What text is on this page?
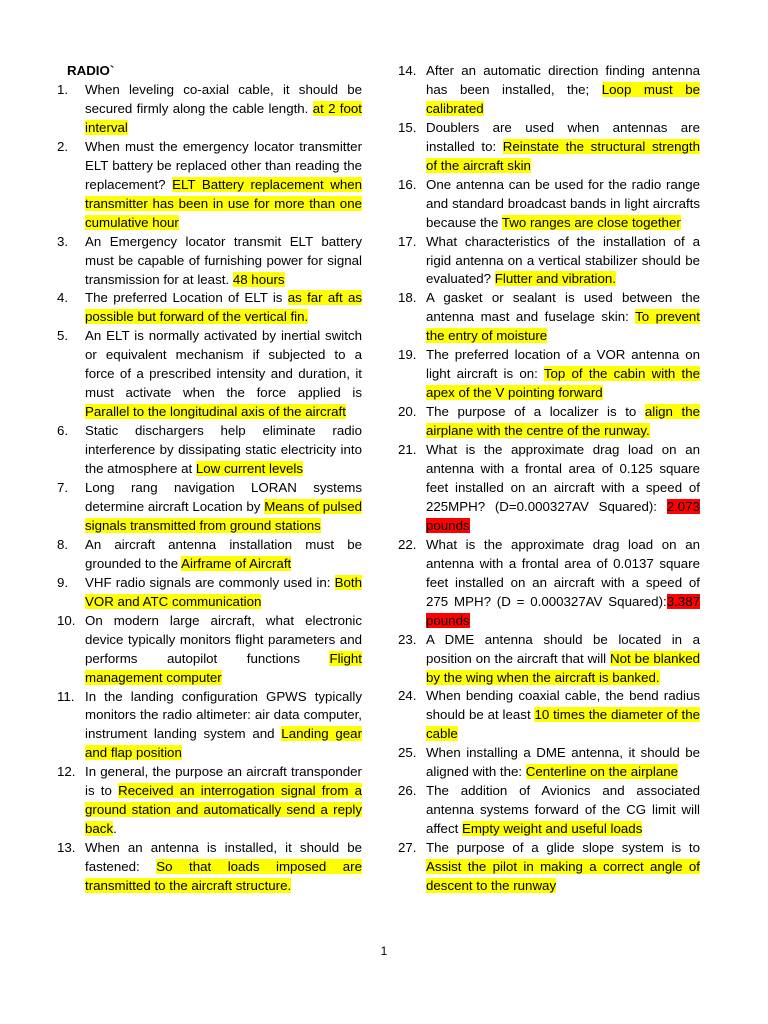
RADIO`

1. When leveling co-axial cable, it should be secured firmly along the cable length. at 2 foot interval
2. When must the emergency locator transmitter ELT battery be replaced other than reading the replacement? ELT Battery replacement when transmitter has been in use for more than one cumulative hour
3. An Emergency locator transmit ELT battery must be capable of furnishing power for signal transmission for at least. 48 hours
4. The preferred Location of ELT is as far aft as possible but forward of the vertical fin.
5. An ELT is normally activated by inertial switch or equivalent mechanism if subjected to a force of a prescribed intensity and duration, it must activate when the force applied is Parallel to the longitudinal axis of the aircraft
6. Static dischargers help eliminate radio interference by dissipating static electricity into the atmosphere at Low current levels
7. Long rang navigation LORAN systems determine aircraft Location by Means of pulsed signals transmitted from ground stations
8. An aircraft antenna installation must be grounded to the Airframe of Aircraft
9. VHF radio signals are commonly used in: Both VOR and ATC communication
10. On modern large aircraft, what electronic device typically monitors flight parameters and performs autopilot functions Flight management computer
11. In the landing configuration GPWS typically monitors the radio altimeter: air data computer, instrument landing system and Landing gear and flap position
12. In general, the purpose an aircraft transponder is to Received an interrogation signal from a ground station and automatically send a reply back.
13. When an antenna is installed, it should be fastened: So that loads imposed are transmitted to the aircraft structure.
14. After an automatic direction finding antenna has been installed, the; Loop must be calibrated
15. Doublers are used when antennas are installed to: Reinstate the structural strength of the aircraft skin
16. One antenna can be used for the radio range and standard broadcast bands in light aircrafts because the Two ranges are close together
17. What characteristics of the installation of a rigid antenna on a vertical stabilizer should be evaluated? Flutter and vibration.
18. A gasket or sealant is used between the antenna mast and fuselage skin: To prevent the entry of moisture
19. The preferred location of a VOR antenna on light aircraft is on: Top of the cabin with the apex of the V pointing forward
20. The purpose of a localizer is to align the airplane with the centre of the runway.
21. What is the approximate drag load on an antenna with a frontal area of 0.125 square feet installed on an aircraft with a speed of 225MPH? (D=0.000327AV Squared): 2.073 pounds
22. What is the approximate drag load on an antenna with a frontal area of 0.0137 square feet installed on an aircraft with a speed of 275 MPH? (D = 0.000327AV Squared):3.387 pounds
23. A DME antenna should be located in a position on the aircraft that will Not be blanked by the wing when the aircraft is banked.
24. When bending coaxial cable, the bend radius should be at least 10 times the diameter of the cable
25. When installing a DME antenna, it should be aligned with the: Centerline on the airplane
26. The addition of Avionics and associated antenna systems forward of the CG limit will affect Empty weight and useful loads
27. The purpose of a glide slope system is to Assist the pilot in making a correct angle of descent to the runway
1
